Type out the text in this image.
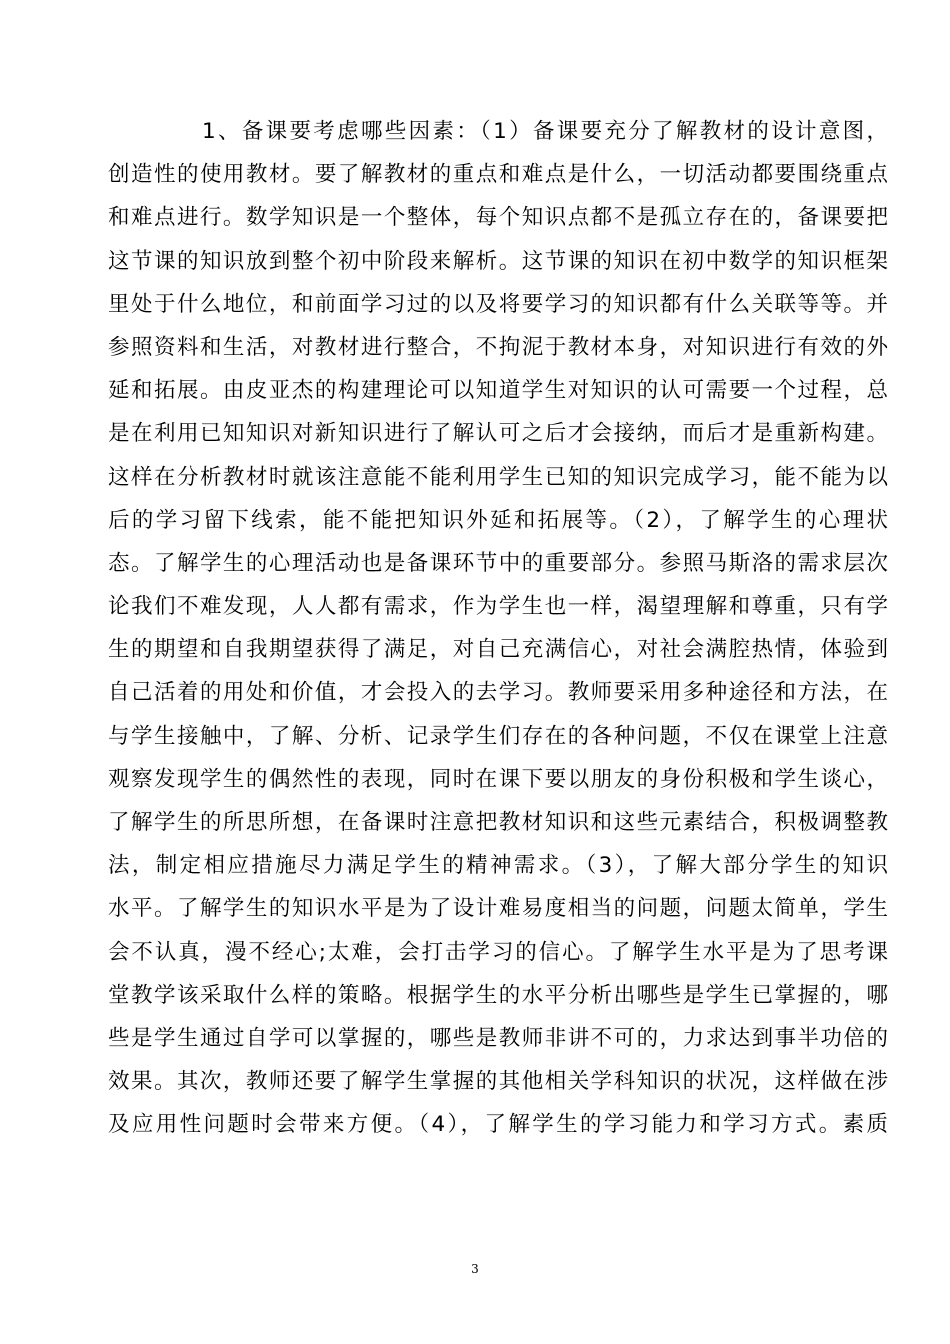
1、备课要考虑哪些因素：（1）备课要充分了解教材的设计意图，
创造性的使用教材。要了解教材的重点和难点是什么，一切活动都要围绕重点
和难点进行。数学知识是一个整体，每个知识点都不是孤立存在的，备课要把
这节课的知识放到整个初中阶段来解析。这节课的知识在初中数学的知识框架
里处于什么地位，和前面学习过的以及将要学习的知识都有什么关联等等。并
参照资料和生活，对教材进行整合，不拘泥于教材本身，对知识进行有效的外
延和拓展。由皮亚杰的构建理论可以知道学生对知识的认可需要一个过程，总
是在利用已知知识对新知识进行了解认可之后才会接纳，而后才是重新构建。
这样在分析教材时就该注意能不能利用学生已知的知识完成学习，能不能为以
后的学习留下线索，能不能把知识外延和拓展等。（2），了解学生的心理状
态。了解学生的心理活动也是备课环节中的重要部分。参照马斯洛的需求层次
论我们不难发现，人人都有需求，作为学生也一样，渴望理解和尊重，只有学
生的期望和自我期望获得了满足，对自己充满信心，对社会满腔热情，体验到
自己活着的用处和价值，才会投入的去学习。教师要采用多种途径和方法，在
与学生接触中，了解、分析、记录学生们存在的各种问题，不仅在课堂上注意
观察发现学生的偶然性的表现，同时在课下要以朋友的身份积极和学生谈心，
了解学生的所思所想，在备课时注意把教材知识和这些元素结合，积极调整教
法，制定相应措施尽力满足学生的精神需求。（3），了解大部分学生的知识
水平。了解学生的知识水平是为了设计难易度相当的问题，问题太简单，学生
会不认真，漫不经心;太难，会打击学习的信心。了解学生水平是为了思考课
堂教学该采取什么样的策略。根据学生的水平分析出哪些是学生已掌握的，哪
些是学生通过自学可以掌握的，哪些是教师非讲不可的，力求达到事半功倍的
效果。其次，教师还要了解学生掌握的其他相关学科知识的状况，这样做在涉
及应用性问题时会带来方便。（4），了解学生的学习能力和学习方式。素质
3
